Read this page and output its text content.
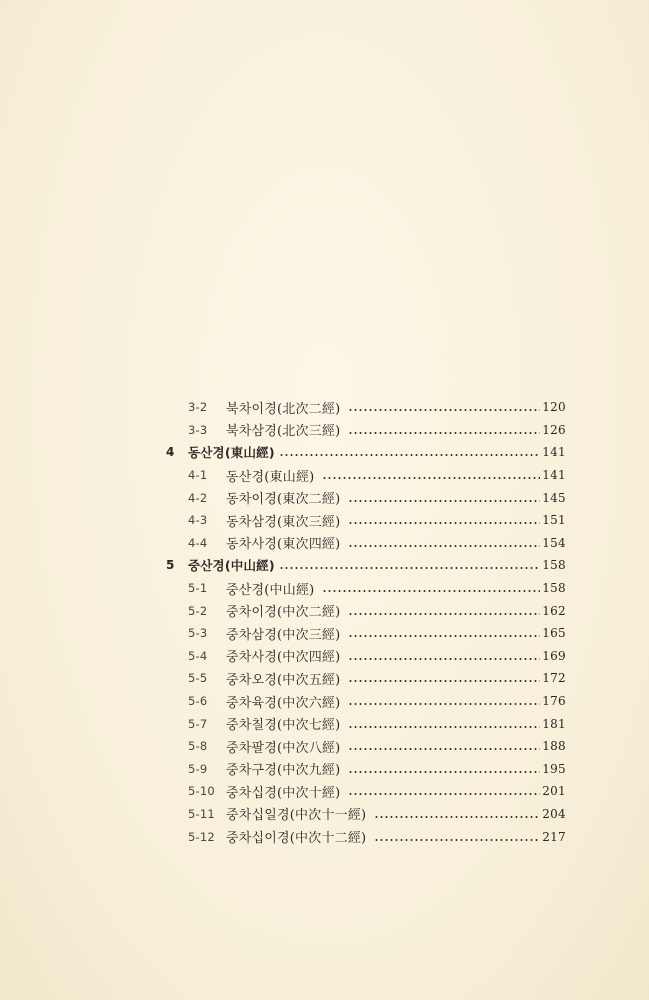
3-2	북차이경(北次二經)	120
3-3	북차삼경(北次三經)	126
4	동산경(東山經)	141
4-1	동산경(東山經)	141
4-2	동차이경(東次二經)	145
4-3	동차삼경(東次三經)	151
4-4	동차사경(東次四經)	154
5	중산경(中山經)	158
5-1	중산경(中山經)	158
5-2	중차이경(中次二經)	162
5-3	중차삼경(中次三經)	165
5-4	중차사경(中次四經)	169
5-5	중차오경(中次五經)	172
5-6	중차육경(中次六經)	176
5-7	중차칠경(中次七經)	181
5-8	중차팔경(中次八經)	188
5-9	중차구경(中次九經)	195
5-10 중차십경(中次十經)	201
5-11 중차십일경(中次十一經)	204
5-12 중차십이경(中次十二經)	217
